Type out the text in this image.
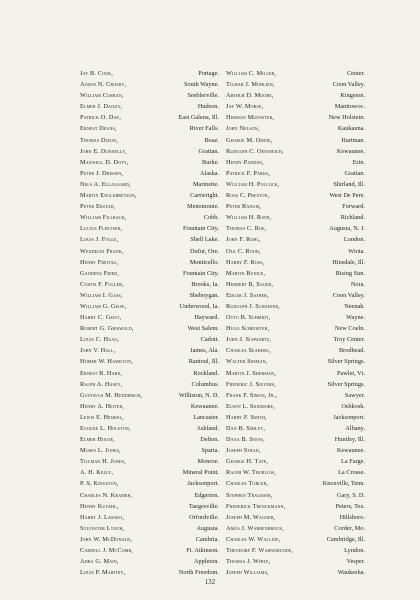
Jay B. Cook,	Portage.
Anson N. Crosby,	South Wayne.
William Curran,	Seeblerville.
Elmer J. Dailey,	Hudson.
Patrick O. Day,	East Galena, Ill.
Ernest Deans,	River Falls.
Thomas Dixon,	Boaz.
John E. Donnelly,	Grattan.
Maxwell D. Doty,	Burke.
Peter J. Drissen,	Alaska.
Nels A. Ellagaard,	Marinette.
Martin Englebretson,	Cartwright.
Peter Erstad,	Menomonie.
William Fillback,	Cobb.
Lucius Fleetser,	Fountain City.
Louis J. Fogle,	Shell Lake.
Wendelin Frank,	Dufur, Ore.
Henry Freitag,	Monticello.
Gandenz Fried,	Fountain City.
Curtis F. Fuller,	Brooks, Ia.
William I. Gass,	Sheboygan.
William G. Geise,	Underwood, Ia.
Harry C. Geist,	Hayward.
Robert G. Griswold,	West Salem.
Louis C. Haag,	Cadott.
John V. Hall,	James, Ala.
Homer W. Hamilton,	Rantoul, Ill.
Ernest B. Harn,	Rockland.
Ralph A. Hasey,	Columbus.
Gustavus M. Hedderich,	Williston, N. D.
Henry A. Heiter,	Kewaunee.
Lewis E. Henkel,	Lancaster.
Eugene L. Holston,	Ashland.
Elmer House,	Delton.
Moses L. Jones,	Sparta.
Tillman H. Jones,	Monroe.
A. H. Kelly,	Mineral Point.
P. S. Kingston,	Jacksonport.
Charles N. Kramer,	Edgerton.
Henry Kuyahl,	Taegesville.
Harry J. Lasseli,	Orfordville.
Sylvester Lynch,	Augusta.
John W. McDonald,	Cambria.
Cardell J. McComb,	Ft. Atkinson.
Adra G. Main,	Appleton.
Louis P. Martiny,	North Freedom.
William C. Miller,	Center.
Tilmar J. Mohlien,	Coon Valley.
Arthur D. Moore,	Kingston.
Jay W. Morse,	Manitowoc.
Herman Muenster,	New Holstein.
John Nelson,	Kaukauna.
George M. Oddie,	Hartman.
Rudolph C. Oestreich,	Kewaunee.
Henry Padden,	Erin.
Patrick F. Parks,	Grattan.
William H. Pollock,	Shirland, Ill.
Ross C. Preston,	West De Pere.
Peter Ranum,	Forward.
William H. Rath,	Richland.
Thomas C. Roe,	Augusta, N. J.
John F. Rohl,	London.
Ole C. Rood,	Wiota.
Harry F. Ross,	Hinsdale, Ill.
Martin Runice,	Rising Sun.
Herbert B. Sager,	Nora.
Edgar J. Sather,	Coon Valley.
Rudolph J. Schaefer,	Neenah.
Otto B. Schmidt,	Wayne.
Hugo Schroeter,	New Coeln.
John J. Schwartz,	Troy Center.
Charles Seaberg,	Brodhead.
Walter Seeman,	Silver Springs.
Martin J. Sherman,	Pawlet, Vt.
Frederic J. Sievers,	Silver Springs.
Frank F. Simon, Jr.,	Sawyer.
Elwin L. Skidmore,	Oshkosh.
Harry F. Smith,	Jacksonport.
Dan B. Smiley,	Albany.
Dana B. Snow,	Huntley, Ill.
Joseph Strad,	Kewaunee.
George H. Tate,	La Farge.
Ralph W. Thurlow,	La Crosse.
Charles Tobler,	Knoxville, Tenn.
Stephen Trageser,	Gary, S. D.
Frederick Trenckmann,	Peters, Tex.
Joseph M. Wagner,	Hillsboro.
Amos J. Warrenbrock,	Corder, Mo.
Charles W. Walline,	Cambridge, Ill.
Theodore F. Warnemunde,	Lyndon.
Thomas J. White,	Vesper.
Joseph Williams,	Waukesha.
132
